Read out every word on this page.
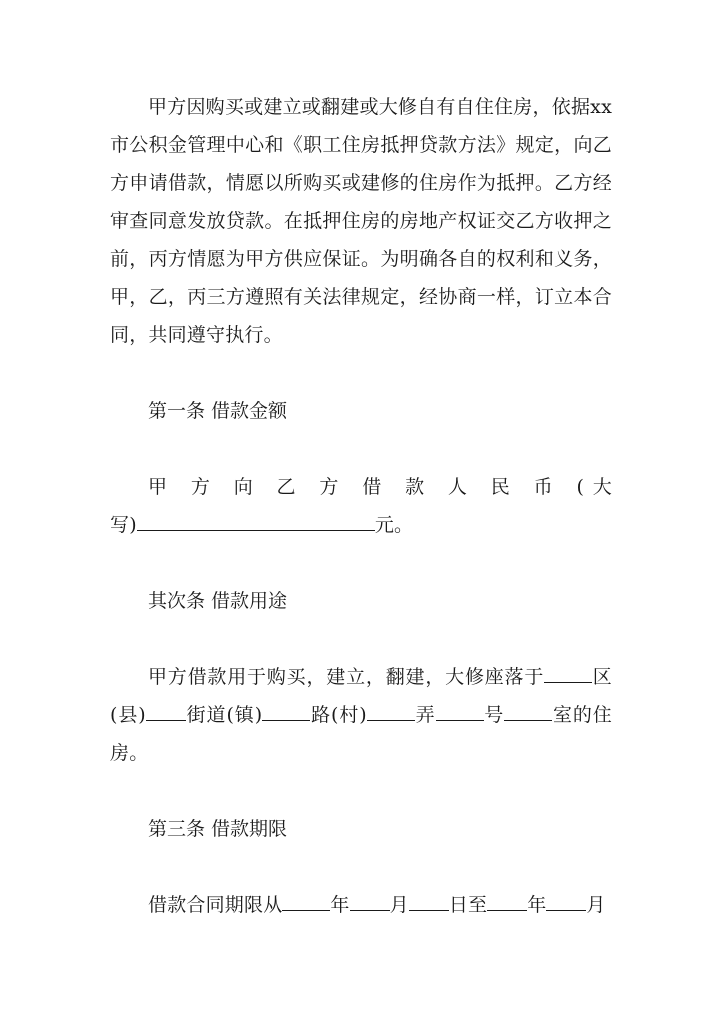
甲方因购买或建立或翻建或大修自有自住住房，依据xx市公积金管理中心和《职工住房抵押贷款方法》规定，向乙方申请借款，情愿以所购买或建修的住房作为抵押。乙方经审查同意发放贷款。在抵押住房的房地产权证交乙方收押之前，丙方情愿为甲方供应保证。为明确各自的权利和义务，甲，乙，丙三方遵照有关法律规定，经协商一样，订立本合同，共同遵守执行。

第一条 借款金额

甲 方 向 乙 方 借 款 人 民 币 (大

写)	元。

其次条 借款用途

甲方借款用于购买，建立，翻建，大修座落于	区(县) 街道(镇)	路(村)	弄	号	室的住房。

第三条 借款期限

借款合同期限从	年 月 日至 年 月
